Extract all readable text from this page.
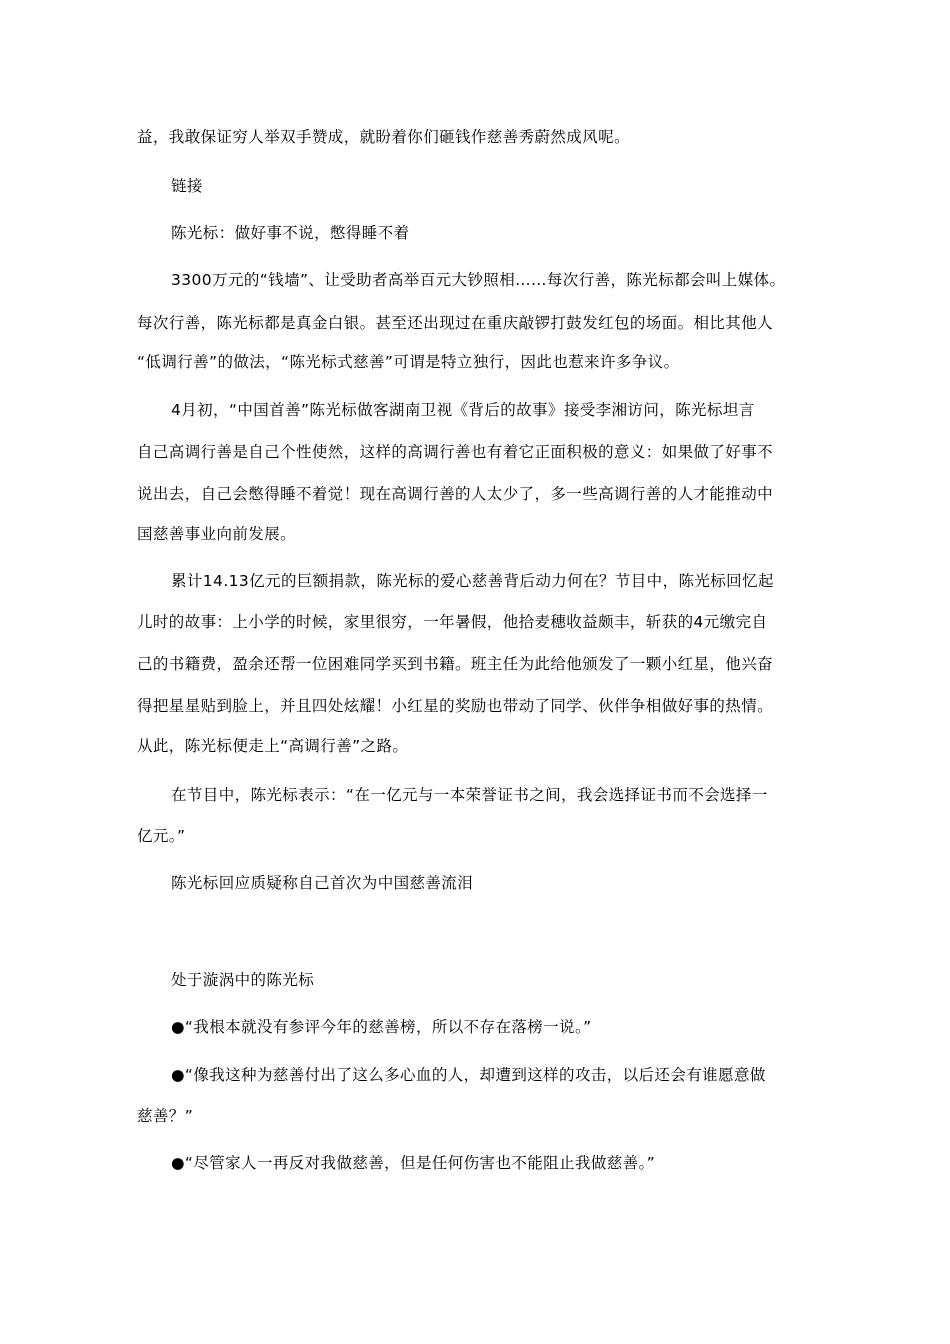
益，我敢保证穷人举双手赞成，就盼着你们砸钱作慈善秀蔚然成风呢。
链接
陈光标：做好事不说，憋得睡不着
3300万元的“钱墙”、让受助者高举百元大钞照相……每次行善，陈光标都会叫上媒体。
每次行善，陈光标都是真金白银。甚至还出现过在重庆敲锣打鼓发红包的场面。相比其他人
“低调行善”的做法，“陈光标式慈善”可谓是特立独行，因此也惹来许多争议。
4月初，“中国首善”陈光标做客湖南卫视《背后的故事》接受李湘访问，陈光标坦言
自己高调行善是自己个性使然，这样的高调行善也有着它正面积极的意义：如果做了好事不
说出去，自己会憋得睡不着觉！现在高调行善的人太少了，多一些高调行善的人才能推动中
国慈善事业向前发展。
累计14.13亿元的巨额捐款，陈光标的爱心慈善背后动力何在？节目中，陈光标回忆起
儿时的故事：上小学的时候，家里很穷，一年暑假，他拾麦穗收益颇丰，斩获的4元缴完自
己的书籍费，盈余还帮一位困难同学买到书籍。班主任为此给他颁发了一颗小红星，他兴奋
得把星星贴到脸上，并且四处炫耀！小红星的奖励也带动了同学、伙伴争相做好事的热情。
从此，陈光标便走上“高调行善”之路。
在节目中，陈光标表示：“在一亿元与一本荣誉证书之间，我会选择证书而不会选择一
亿元。”
陈光标回应质疑称自己首次为中国慈善流泪
处于漩涡中的陈光标
●“我根本就没有参评今年的慈善榜，所以不存在落榜一说。”
●“像我这种为慈善付出了这么多心血的人，却遭到这样的攻击，以后还会有谁愿意做
慈善？”
●“尽管家人一再反对我做慈善，但是任何伤害也不能阻止我做慈善。”
